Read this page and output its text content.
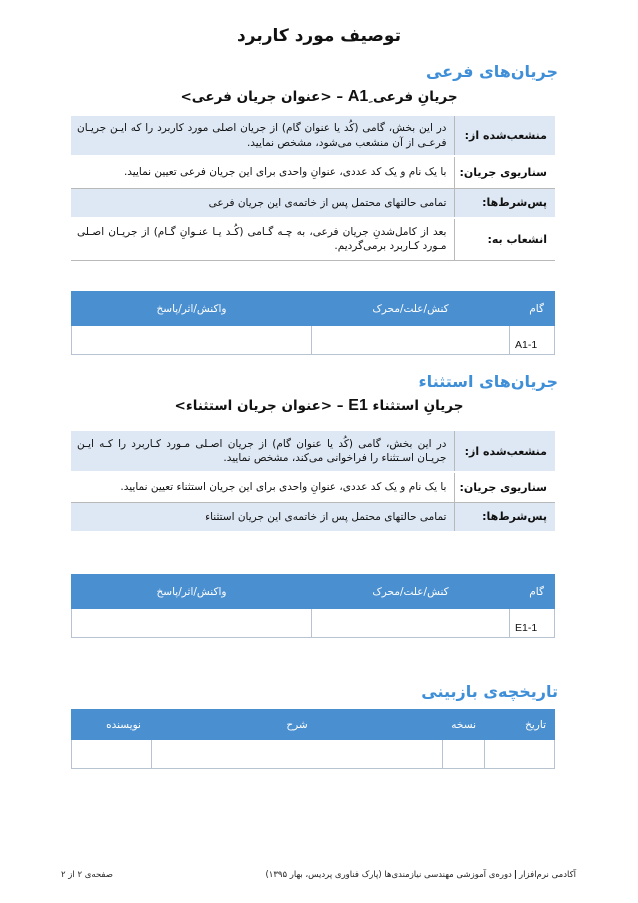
توصیف مورد کاربرد
جریان‌های فرعی
جریانِ فرعی ِA1 – <عنوان جریان فرعی>
منشعب‌شده از:	در این بخش، گامی (کُد یا عنوان گام) از جریان اصلی مورد کاربرد را که ایـن جریـان فرعـی از آن منشعب می‌شود، مشخص نمایید.
سناریوی جریان:	با یک نام و یک کد عددی، عنوانِ واحدی برای این جریان فرعی تعیین نمایید.
پس‌شرط‌ها:	تمامی حالتهای محتمل پس از خاتمه‌ی این جریان فرعی
انشعاب به:	بعد از کامل‌شدنِ جریان فرعی، به چـه گـامی (کُـد یـا عنـوانِ گـام) از جریـان اصـلی مـورد کـاربرد برمی‌گردیم.
گام	کنش/علت/محرک	واکنش/اثر/پاسخ
A1-1		
جریان‌های استثناء
جریانِ استثناء E1 – <عنوان جریان استثناء>
منشعب‌شده از:	در این بخش، گامی (کُد یا عنوان گام) از جریان اصـلی مـورد کـاربرد را کـه ایـن جریـان اسـتثناء را فراخوانی می‌کند، مشخص نمایید.
سناریوی جریان:	با یک نام و یک کد عددی، عنوانِ واحدی برای این جریان استثناء تعیین نمایید.
پس‌شرط‌ها:	تمامی حالتهای محتمل پس از خاتمه‌ی این جریان استثناء
گام	کنش/علت/محرک	واکنش/اثر/پاسخ
E1-1		
تاریخچه‌ی بازبینی
تاریخ	نسخه	شرح	نویسنده

آکادمی نرم‌افزار|دوره‌ی آموزشی مهندسی نیازمندی‌ها (پارک فناوری پردیس، بهار ۱۳۹۵)
صفحه‌ی ۲ از ۲
